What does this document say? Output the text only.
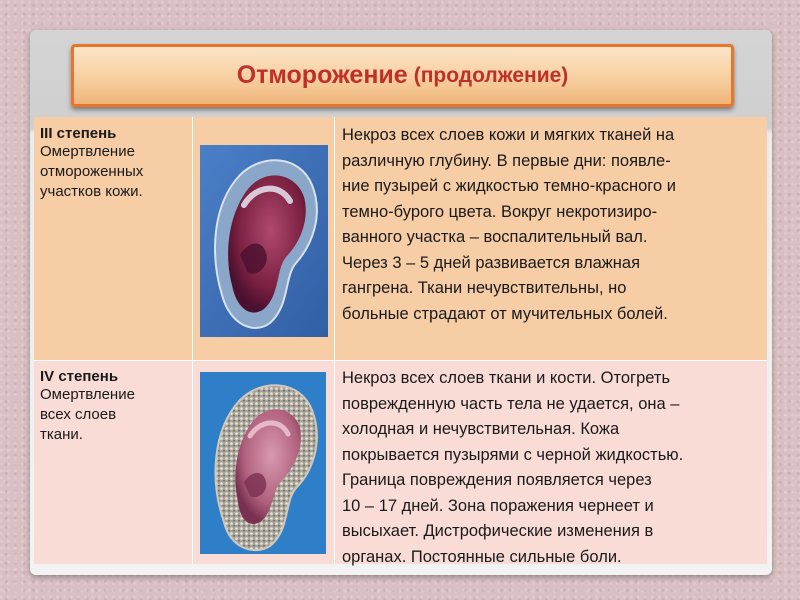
Отморожение (продолжение)
III степень
Омертвление
отмороженных
участков кожи.
Некроз всех слоев кожи и мягких тканей на
различную глубину. В первые дни: появле-
ние пузырей с жидкостью темно-красного и
темно-бурого цвета. Вокруг некротизиро-
ванного участка – воспалительный вал.
Через 3 – 5 дней развивается влажная
гангрена. Ткани нечувствительны, но
больные страдают от мучительных болей.
IV степень
Омертвление
всех слоев
ткани.
Некроз всех слоев ткани и кости. Отогреть
поврежденную часть тела не удается, она –
холодная и нечувствительная. Кожа
покрывается пузырями с черной жидкостью.
Граница повреждения появляется через
10 – 17 дней. Зона поражения чернеет и
высыхает. Дистрофические изменения в
органах. Постоянные сильные боли.
